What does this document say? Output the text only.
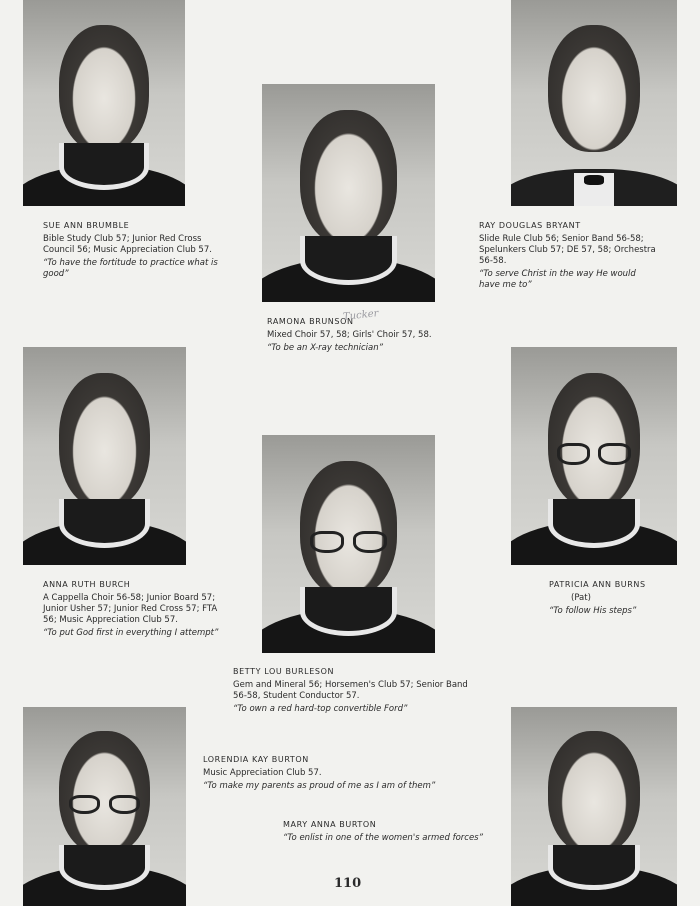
SUE ANN BRUMBLE
Bible Study Club 57; Junior Red Cross Council 56; Music Appreciation Club 57.
“To have the fortitude to practice what is good”
RAMONA BRUNSON
Mixed Choir 57, 58; Girls' Choir 57, 58.
“To be an X-ray technician”
Tucker
RAY DOUGLAS BRYANT
Slide Rule Club 56; Senior Band 56-58; Spelunkers Club 57; DE 57, 58; Orchestra 56-58.
“To serve Christ in the way He would have me to”
ANNA RUTH BURCH
A Cappella Choir 56-58; Junior Board 57; Junior Usher 57; Junior Red Cross 57; FTA 56; Music Appreciation Club 57.
“To put God first in everything I attempt”
PATRICIA ANN BURNS
(Pat)
“To follow His steps”
BETTY LOU BURLESON
Gem and Mineral 56; Horsemen's Club 57; Senior Band 56-58, Student Conductor 57.
“To own a red hard-top convertible Ford”
LORENDIA KAY BURTON
Music Appreciation Club 57.
“To make my parents as proud of me as I am of them”
MARY ANNA BURTON
“To enlist in one of the women's armed forces”
110
